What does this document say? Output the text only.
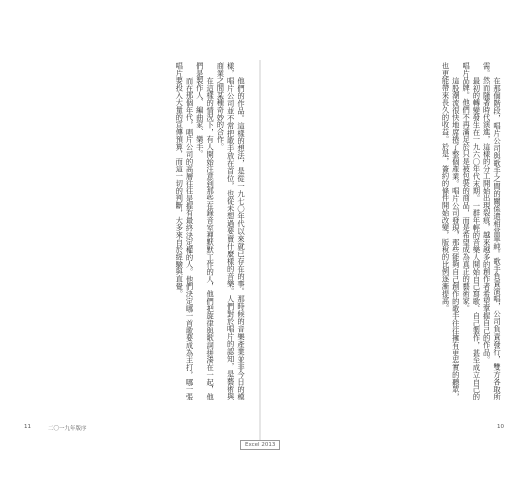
他們的作品。這樣的想法，是從一九七〇年代以來就已存在的事。那時候的音樂產業並非今日的模樣，唱片公司並不常把歌手放在首位，也從未想過要賣什麼樣的音樂。人們對於唱片的認知，是藝術與商業之間某種奇妙的合作。

在這樣的情況下，有人開始注意到那些在錄音室裡默默工作的人，他們把旋律與歌詞拼湊在一起，他們是製作人、編曲家、樂手。

而在那個年代，唱片公司的高層往往是握有最終決定權的人。他們決定哪一首歌要成為主打，哪一張唱片要投入大量的宣傳預算，而這一切的判斷，大多來自於經驗與直覺。

11	二〇一九年版序

在那個階段，唱片公司與歌手之間的關係還相當單純。歌手負責演唱，公司負責發行，雙方各取所需。然而隨著時代演進，這樣的分工開始出現裂痕，越來越多的創作者希望掌握自己的作品。

最初的轉變發生在一九六〇年代末期。一群年輕的音樂人開始自己寫歌、自己製作，甚至成立自己的唱片品牌。他們不再滿足於只是被包裝的商品，而是希望成為真正的藝術家。

這股潮流很快地席捲了整個產業。唱片公司發現，那些能夠自己創作的歌手往往擁有更忠實的聽眾，也更能帶來長久的收益。於是，簽約的條件開始改變，版稅的比例逐漸提高。

10
Excel 2013
